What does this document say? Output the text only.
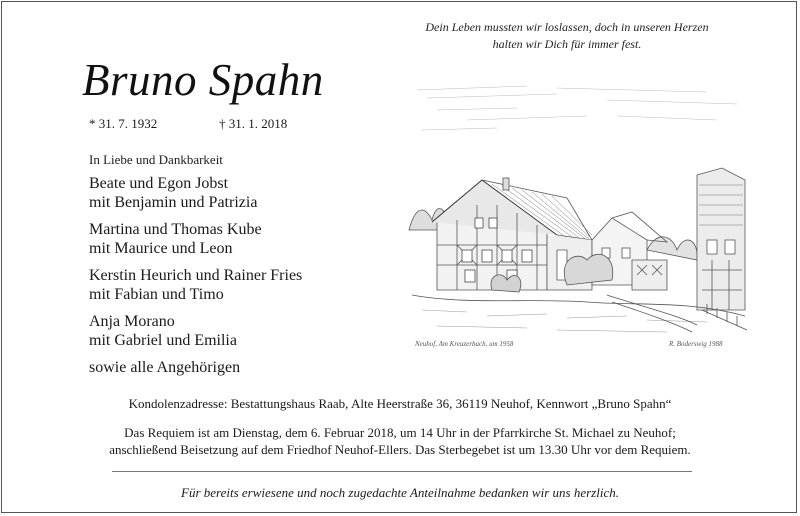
Dein Leben mussten wir loslassen, doch in unseren Herzen
halten wir Dich für immer fest.
Bruno Spahn
* 31. 7. 1932	† 31. 1. 2018
In Liebe und Dankbarkeit
Beate und Egon Jobst
mit Benjamin und Patrizia
Martina und Thomas Kube
mit Maurice und Leon
Kerstin Heurich und Rainer Fries
mit Fabian und Timo
Anja Morano
mit Gabriel und Emilia
sowie alle Angehörigen
Neuhof, Am Kreuzerbach, um 1958	R. Boderswig 1988
Kondolenzadresse: Bestattungshaus Raab, Alte Heerstraße 36, 36119 Neuhof, Kennwort „Bruno Spahn“
Das Requiem ist am Dienstag, dem 6. Februar 2018, um 14 Uhr in der Pfarrkirche St. Michael zu Neuhof;
anschließend Beisetzung auf dem Friedhof Neuhof-Ellers. Das Sterbegebet ist um 13.30 Uhr vor dem Requiem.
Für bereits erwiesene und noch zugedachte Anteilnahme bedanken wir uns herzlich.
